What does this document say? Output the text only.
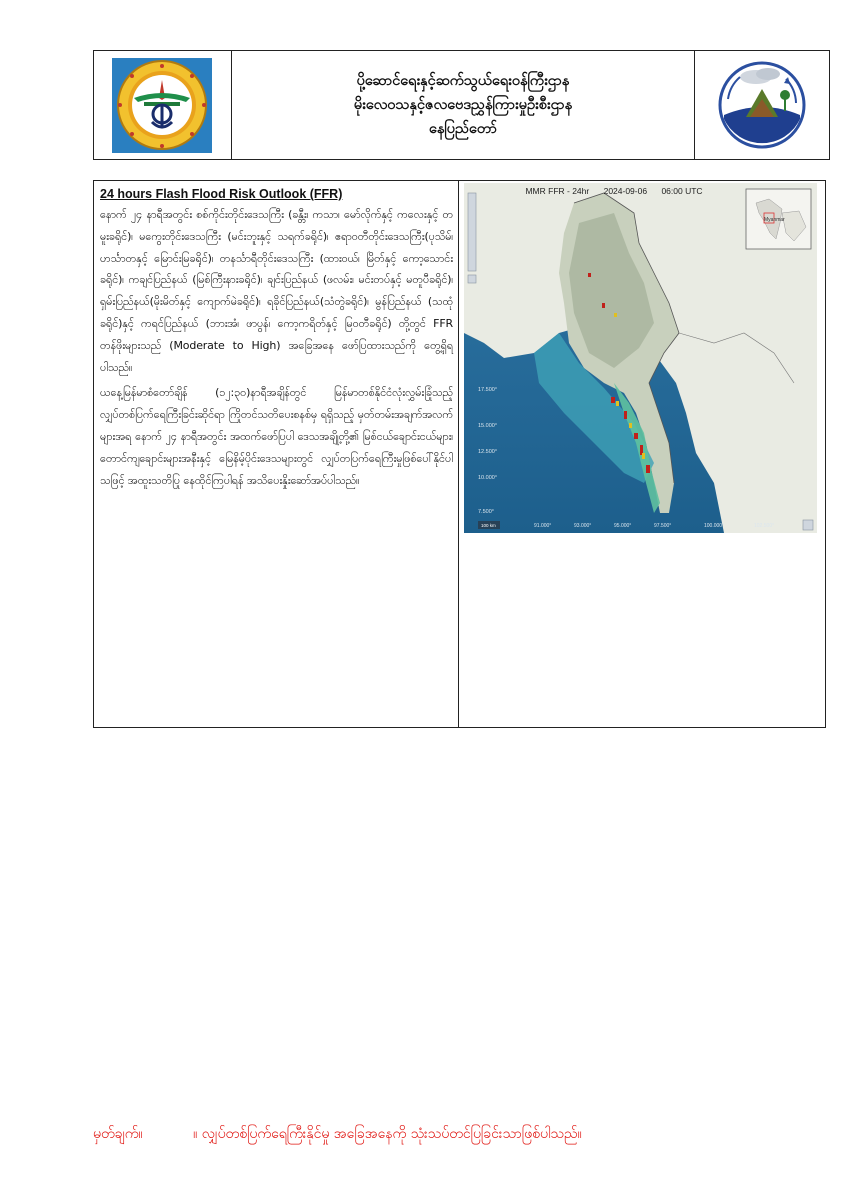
ပို့ဆောင်ရေးနှင့်ဆက်သွယ်ရေးဝန်ကြီးဌာန
မိုးလေဝသနှင့်ဇလဗေဒညွှန်ကြားမှုဦးစီးဌာန
နေပြည်တော်
24 hours Flash Flood Risk Outlook (FFR)

နောက် ၂၄ နာရီအတွင်း စစ်ကိုင်းတိုင်းဒေသကြီး (ခန္တီး၊ ကသာ၊ မော်လိုက်နှင့် ကလေးနှင့် တမူးခရိုင်)၊ မကွေးတိုင်းဒေသကြီး (မင်းဘူးနှင့် သရက်ခရိုင်)၊ ဧရာဝတီတိုင်းဒေသကြီး(ပုသိမ်၊ ဟင်္သာတနှင့် မြောင်းမြခရိုင်)၊ တနင်္သာရီတိုင်းဒေသကြီး (ထားဝယ်၊ မြိတ်နှင့် ကော့သောင်းခရိုင်)၊ ကချင်ပြည်နယ် (မြစ်ကြီးနားခရိုင်)၊ ချင်းပြည်နယ် (ဖလမ်း၊ မင်းတပ်နှင့် မတူပီခရိုင်)၊ ရှမ်းပြည်နယ်(မိုးမိတ်နှင့် ကျောက်မဲခရိုင်)၊ ရခိုင်ပြည်နယ်(သံတွဲခရိုင်)၊ မွန်ပြည်နယ် (သထုံခရိုင်)နှင့် ကရင်ပြည်နယ် (ဘားအံ၊ ဖာပွန်၊ ကော့ကရိတ်နှင့် မြဝတီခရိုင်) တို့တွင် FFR တန်ဖိုးများသည် (Moderate to High) အခြေအနေ ဖော်ပြထားသည်ကို တွေ့ရှိရပါသည်။

ယနေ့မြန်မာစံတော်ချိန် (၁၂:၃၀)နာရီအချိန်တွင် မြန်မာတစ်နိုင်ငံလုံးလွှမ်းခြုံသည့် လျှပ်တစ်ပြက်ရေကြီးခြင်းဆိုင်ရာ ကြိုတင်သတိပေးစနစ်မှ ရရှိသည့် မှတ်တမ်းအချက်အလက်များအရ နောက် ၂၄ နာရီအတွင်း အထက်ဖော်ပြပါ ဒေသအချို့တို့၏ မြစ်ငယ်ချောင်းငယ်များ၊ တောင်ကျချောင်းများအနီးနှင့် မြေနိမ့်ပိုင်းဒေသများတွင် လျှပ်တပြက်ရေကြီးမှုဖြစ်ပေါ်နိုင်ပါသဖြင့် အထူးသတိပြု နေထိုင်ကြပါရန် အသိပေးနှိုးဆော်အပ်ပါသည်။

Myanmar
17.500°
15.000°
12.500°
10.000°
7.500°
91.000°	93.000°	95.000°	97.500°	100.000°	102.500°
100 km
MMR FFR - 24hr 2024-09-06 06:00 UTC
မှတ်ချက်။	။ လျှပ်တစ်ပြက်ရေကြီးနိုင်မှု အခြေအနေကို သုံးသပ်တင်ပြခြင်းသာဖြစ်ပါသည်။
